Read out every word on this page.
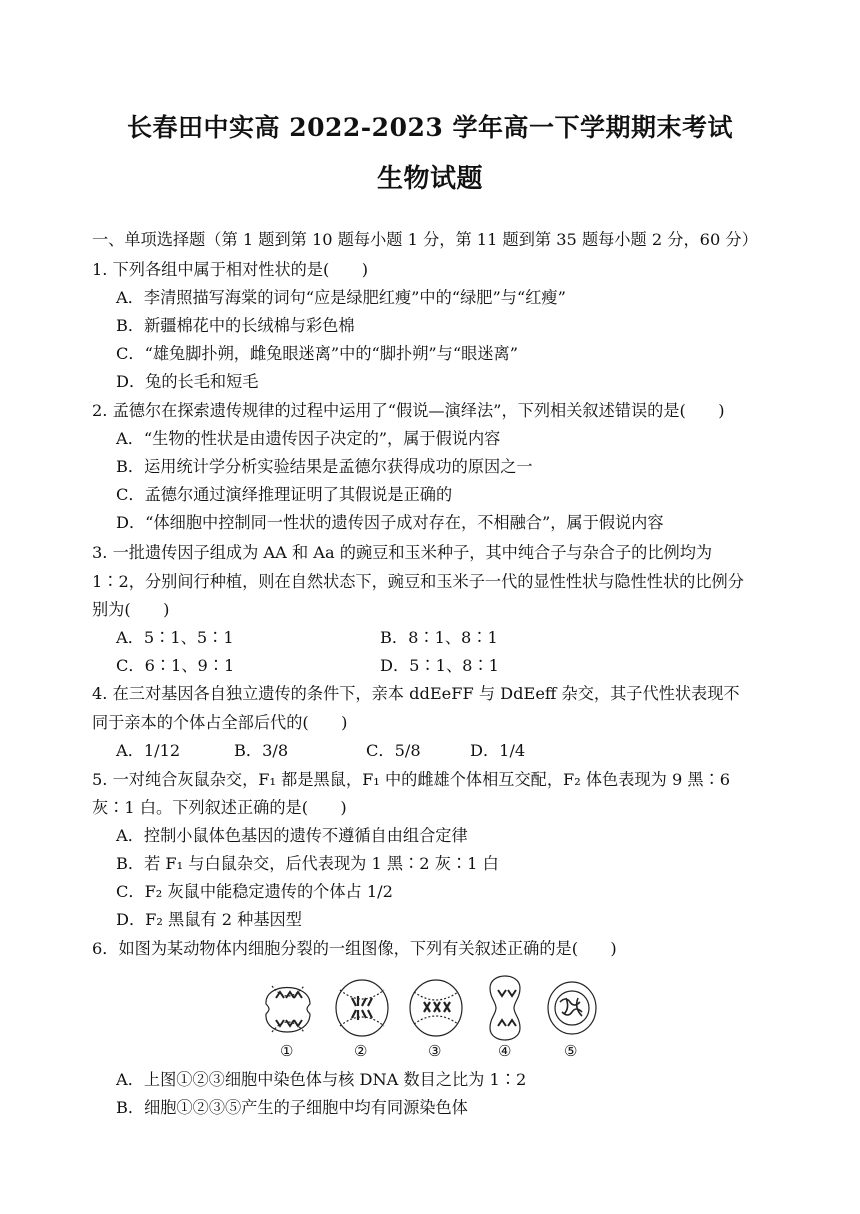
长春田中实高 2022-2023 学年高一下学期期末考试
生物试题
一、单项选择题（第 1 题到第 10 题每小题 1 分，第 11 题到第 35 题每小题 2 分，60 分）
1. 下列各组中属于相对性状的是(　　)
A．李清照描写海棠的词句“应是绿肥红瘦”中的“绿肥”与“红瘦”
B．新疆棉花中的长绒棉与彩色棉
C．“雄兔脚扑朔，雌兔眼迷离”中的“脚扑朔”与“眼迷离”
D．兔的长毛和短毛
2. 孟德尔在探索遗传规律的过程中运用了“假说—演绎法”，下列相关叙述错误的是(　　)
A．“生物的性状是由遗传因子决定的”，属于假说内容
B．运用统计学分析实验结果是孟德尔获得成功的原因之一
C．孟德尔通过演绎推理证明了其假说是正确的
D．“体细胞中控制同一性状的遗传因子成对存在，不相融合”，属于假说内容
3. 一批遗传因子组成为 AA 和 Aa 的豌豆和玉米种子，其中纯合子与杂合子的比例均为
1∶2，分别间行种植，则在自然状态下，豌豆和玉米子一代的显性性状与隐性性状的比例分
别为(　　)
A．5∶1、5∶1	B．8∶1、8∶1
C．6∶1、9∶1	D．5∶1、8∶1
4. 在三对基因各自独立遗传的条件下，亲本 ddEeFF 与 DdEeff 杂交，其子代性状表现不
同于亲本的个体占全部后代的(　　)
A．1/12	B．3/8	C．5/8	D．1/4
5. 一对纯合灰鼠杂交，F₁ 都是黑鼠，F₁ 中的雌雄个体相互交配，F₂ 体色表现为 9 黑∶6
灰∶1 白。下列叙述正确的是(　　)
A．控制小鼠体色基因的遗传不遵循自由组合定律
B．若 F₁ 与白鼠杂交，后代表现为 1 黑∶2 灰∶1 白
C．F₂ 灰鼠中能稳定遗传的个体占 1/2
D．F₂ 黑鼠有 2 种基因型
6．如图为某动物体内细胞分裂的一组图像，下列有关叙述正确的是(　　)
①	②	③	④	⑤
A．上图①②③细胞中染色体与核 DNA 数目之比为 1∶2
B．细胞①②③⑤产生的子细胞中均有同源染色体
